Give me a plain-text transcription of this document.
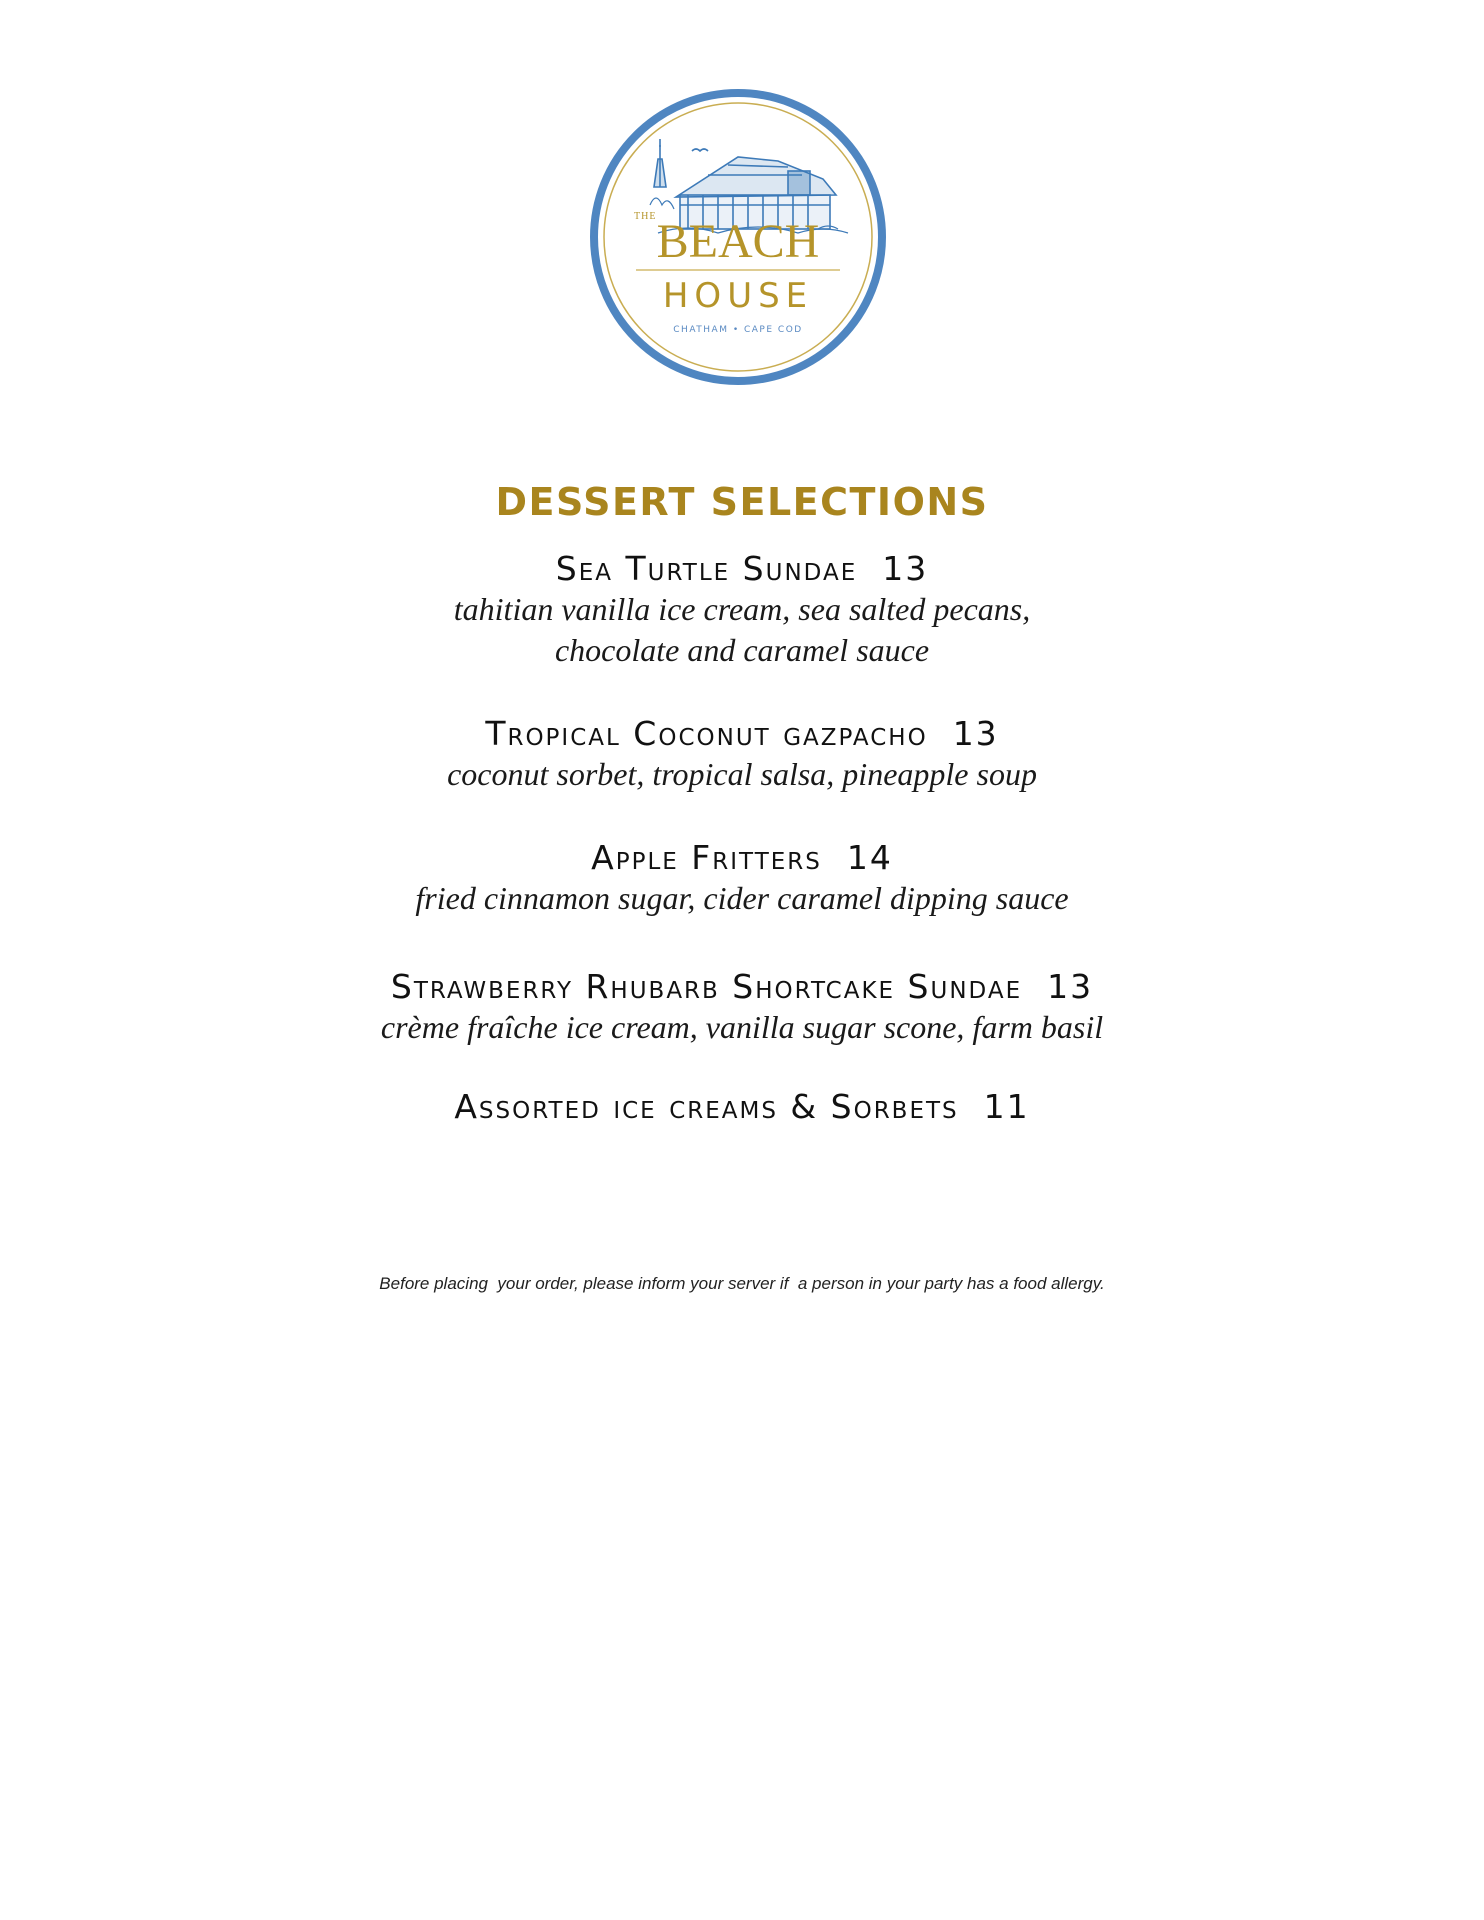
THE BEACH
HOUSE
CHATHAM • CAPE COD
DESSERT SELECTIONS
Sea Turtle Sundae 13
tahitian vanilla ice cream, sea salted pecans,
chocolate and caramel sauce
Tropical Coconut gazpacho 13
coconut sorbet, tropical salsa, pineapple soup
Apple Fritters 14
fried cinnamon sugar, cider caramel dipping sauce
Strawberry Rhubarb Shortcake Sundae 13
crème fraîche ice cream, vanilla sugar scone, farm basil
Assorted ice creams & Sorbets 11
Before placing  your order, please inform your server if  a person in your party has a food allergy.
